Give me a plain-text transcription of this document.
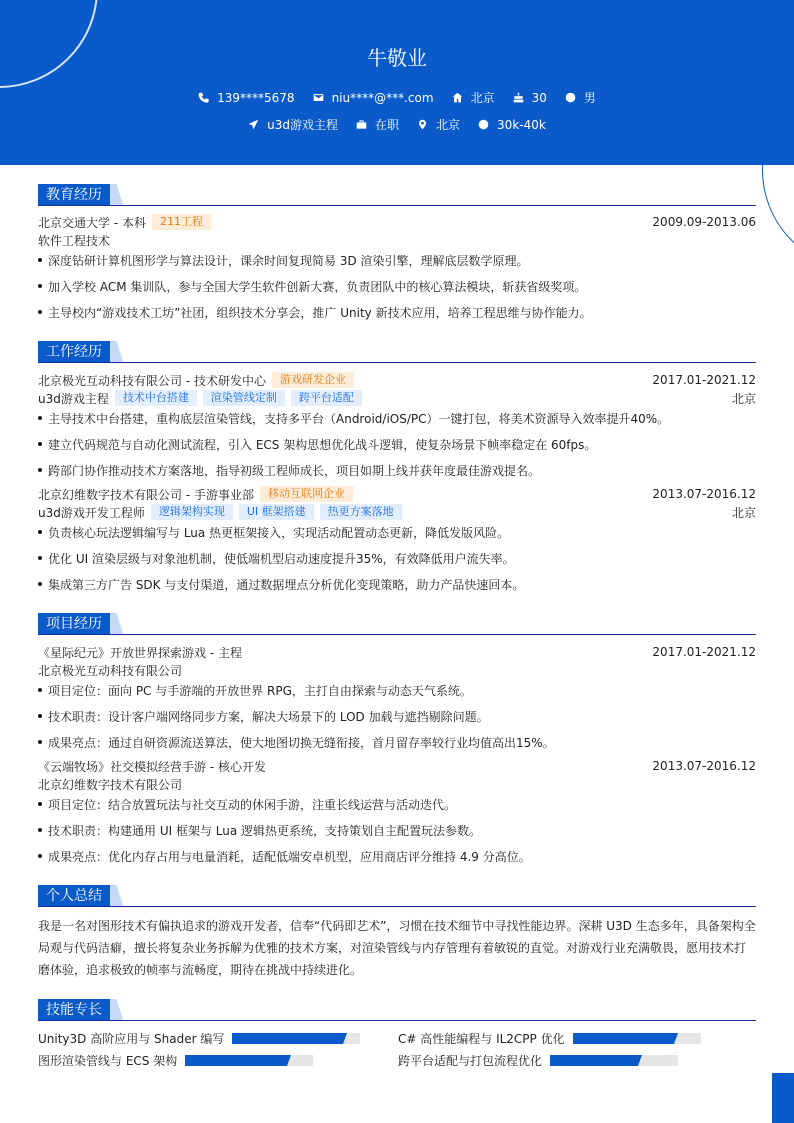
牛敬业
139****5678	niu****@***.com	北京	30	男
u3d游戏主程	在职	北京	30k-40k
教育经历
北京交通大学 - 本科	211工程	2009.09-2013.06
软件工程技术
深度钻研计算机图形学与算法设计，课余时间复现简易 3D 渲染引擎，理解底层数学原理。
加入学校 ACM 集训队，参与全国大学生软件创新大赛，负责团队中的核心算法模块，斩获省级奖项。
主导校内“游戏技术工坊”社团，组织技术分享会，推广 Unity 新技术应用，培养工程思维与协作能力。
工作经历
北京极光互动科技有限公司 - 技术研发中心	游戏研发企业	2017.01-2021.12
u3d游戏主程	技术中台搭建	渲染管线定制	跨平台适配	北京
主导技术中台搭建，重构底层渲染管线，支持多平台（Android/iOS/PC）一键打包，将美术资源导入效率提升40%。
建立代码规范与自动化测试流程，引入 ECS 架构思想优化战斗逻辑，使复杂场景下帧率稳定在 60fps。
跨部门协作推动技术方案落地，指导初级工程师成长，项目如期上线并获年度最佳游戏提名。
北京幻维数字技术有限公司 - 手游事业部	移动互联网企业	2013.07-2016.12
u3d游戏开发工程师	逻辑架构实现	UI 框架搭建	热更方案落地	北京
负责核心玩法逻辑编写与 Lua 热更框架接入，实现活动配置动态更新，降低发版风险。
优化 UI 渲染层级与对象池机制，使低端机型启动速度提升35%，有效降低用户流失率。
集成第三方广告 SDK 与支付渠道，通过数据埋点分析优化变现策略，助力产品快速回本。
项目经历
《星际纪元》开放世界探索游戏 - 主程	2017.01-2021.12
北京极光互动科技有限公司
项目定位：面向 PC 与手游端的开放世界 RPG，主打自由探索与动态天气系统。
技术职责：设计客户端网络同步方案，解决大场景下的 LOD 加载与遮挡剔除问题。
成果亮点：通过自研资源流送算法，使大地图切换无缝衔接，首月留存率较行业均值高出15%。
《云端牧场》社交模拟经营手游 - 核心开发	2013.07-2016.12
北京幻维数字技术有限公司
项目定位：结合放置玩法与社交互动的休闲手游，注重长线运营与活动迭代。
技术职责：构建通用 UI 框架与 Lua 逻辑热更系统，支持策划自主配置玩法参数。
成果亮点：优化内存占用与电量消耗，适配低端安卓机型，应用商店评分维持 4.9 分高位。
个人总结
我是一名对图形技术有偏执追求的游戏开发者，信奉“代码即艺术”，习惯在技术细节中寻找性能边界。深耕 U3D 生态多年，具备架构全
局观与代码洁癖，擅长将复杂业务拆解为优雅的技术方案，对渲染管线与内存管理有着敏锐的直觉。对游戏行业充满敬畏，愿用技术打
磨体验，追求极致的帧率与流畅度，期待在挑战中持续进化。
技能专长
Unity3D 高阶应用与 Shader 编写	C# 高性能编程与 IL2CPP 优化
图形渲染管线与 ECS 架构	跨平台适配与打包流程优化
